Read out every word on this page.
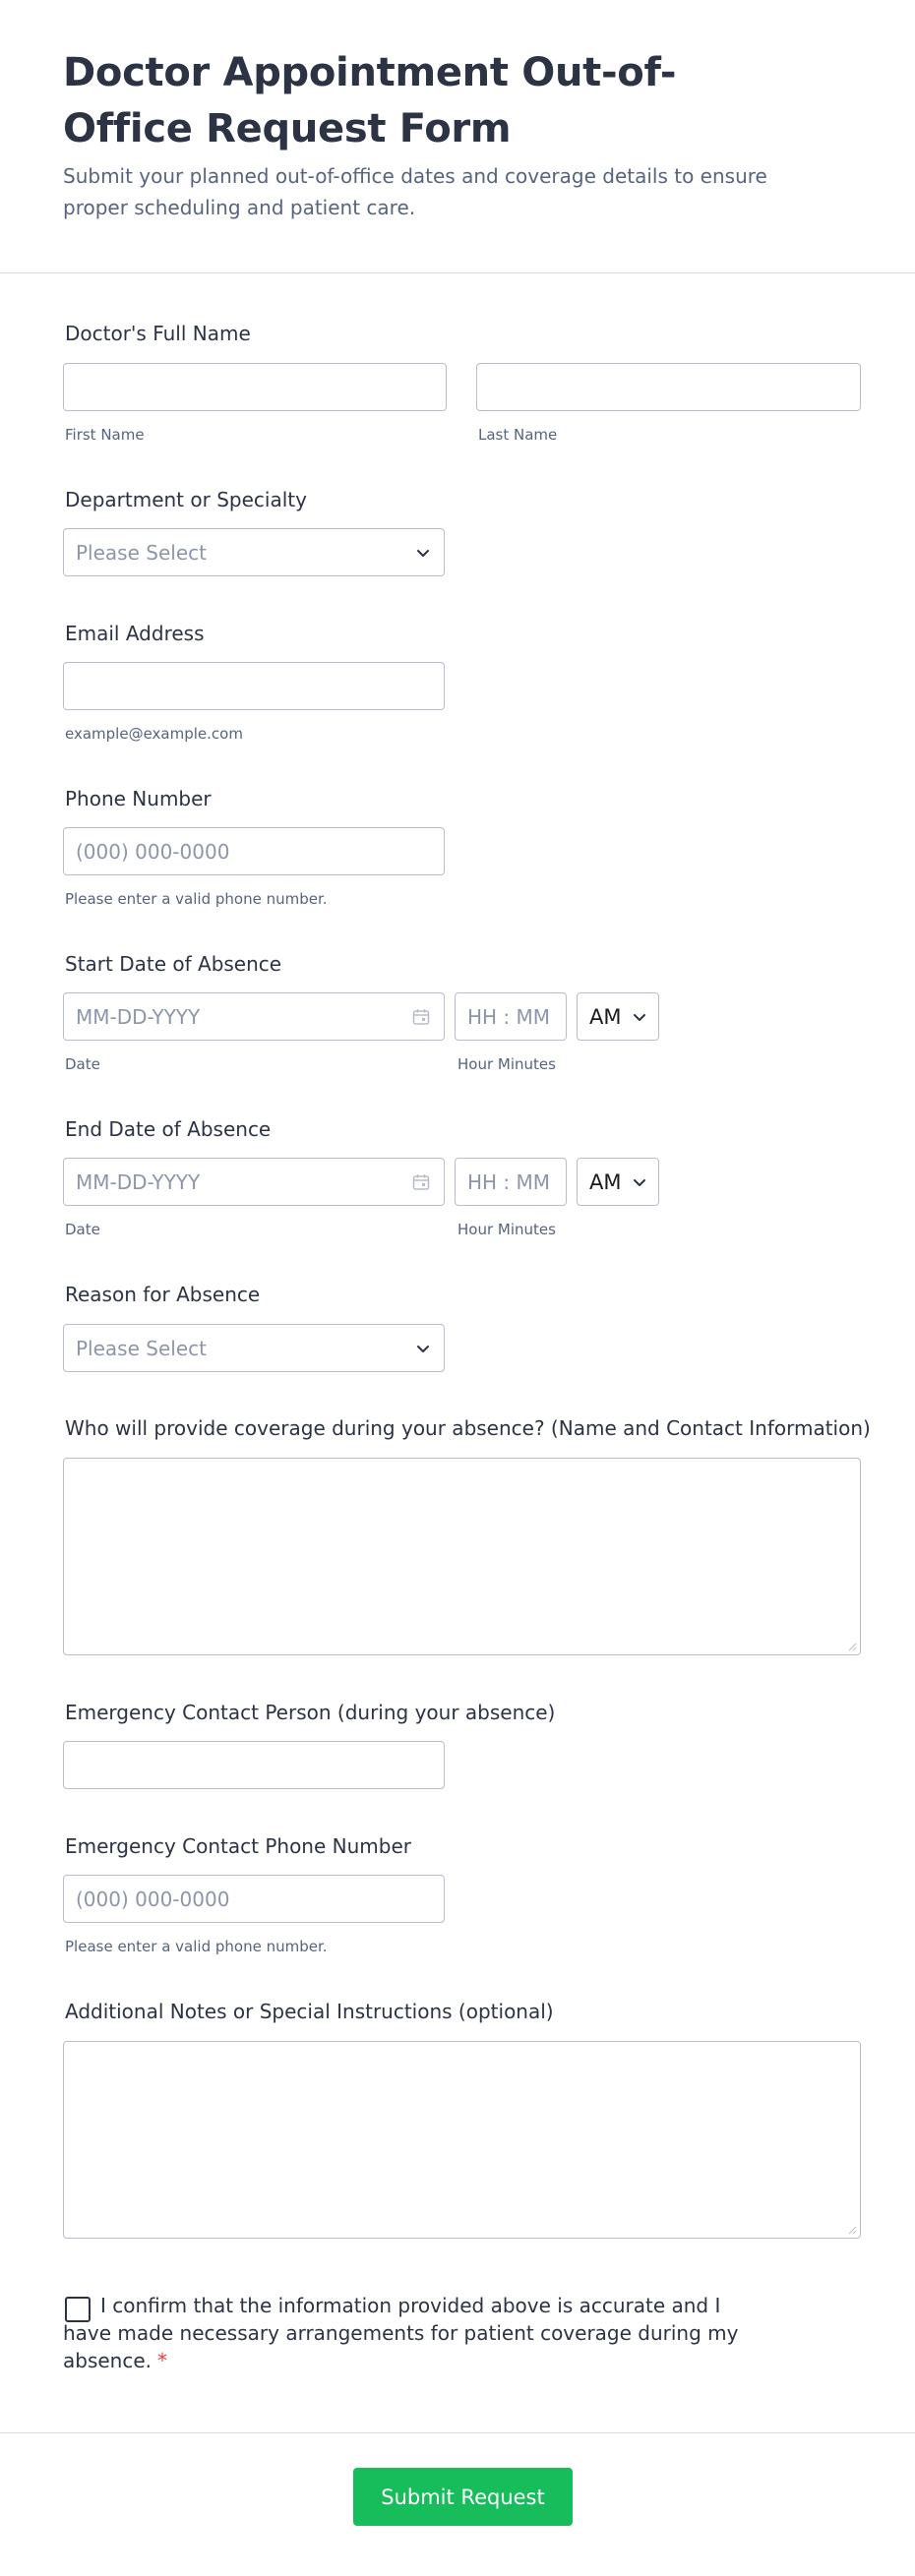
Doctor Appointment Out-of-Office Request Form
Submit your planned out-of-office dates and coverage details to ensure proper scheduling and patient care.
Doctor's Full Name
First Name	Last Name
Department or Specialty
Please Select
Email Address
example@example.com
Phone Number
(000) 000-0000
Please enter a valid phone number.
Start Date of Absence
MM-DD-YYYY
HH : MM
AM
Date	Hour Minutes
End Date of Absence
MM-DD-YYYY
HH : MM
AM
Date	Hour Minutes
Reason for Absence
Please Select
Who will provide coverage during your absence? (Name and Contact Information)
Emergency Contact Person (during your absence)
Emergency Contact Phone Number
(000) 000-0000
Please enter a valid phone number.
Additional Notes or Special Instructions (optional)
I confirm that the information provided above is accurate and I have made necessary arrangements for patient coverage during my absence. *
Submit Request
